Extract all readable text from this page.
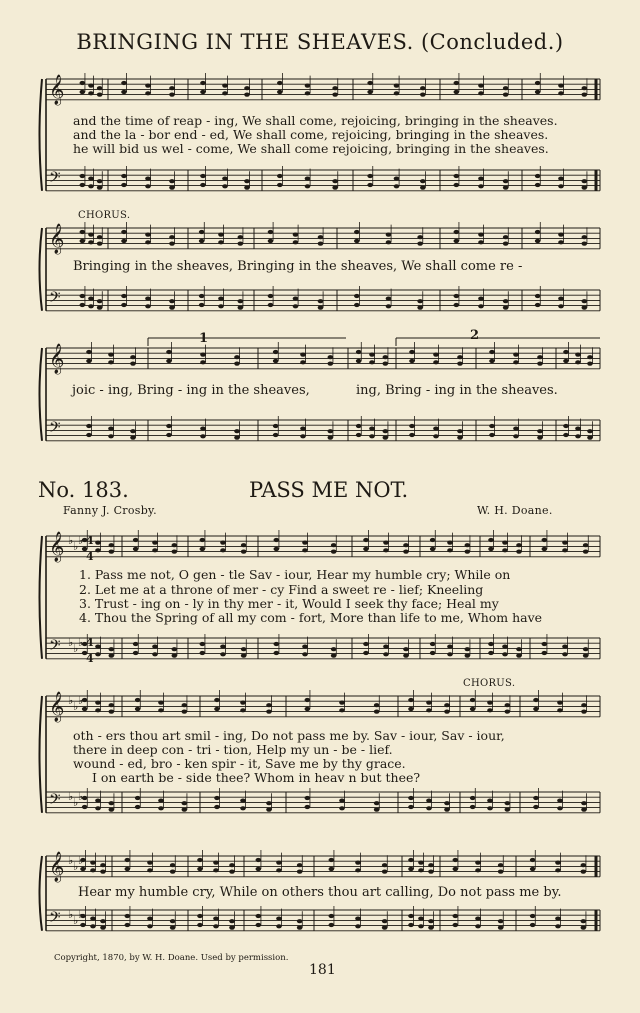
BRINGING IN THE SHEAVES. (Concluded.)
𝄞
𝄢
𝄞
𝄢
𝄞
𝄢
𝄞
𝄢
𝄞
𝄢
𝄞
𝄢
4
4
4
4
♭ ♭ ♭
♭ ♭ ♭
♭ ♭ ♭
♭ ♭ ♭
♭ ♭ ♭
♭ ♭ ♭
and the time of reap - ing, We shall come, rejoicing, bringing in the sheaves.
and the la - bor end - ed, We shall come, rejoicing, bringing in the sheaves.
he will bid us wel - come, We shall come rejoicing, bringing in the sheaves.
CHORUS.
Bringing in the sheaves, Bringing in the sheaves, We shall come re -
1	2
joic - ing, Bring - ing in the sheaves,	ing, Bring - ing in the sheaves.
No. 183.	PASS ME NOT.
Fanny J. Crosby.	W. H. Doane.
1. Pass me not, O gen - tle Sav - iour, Hear my humble cry; While on
2. Let me at a throne of mer - cy Find a sweet re - lief; Kneeling
3. Trust - ing on - ly in thy mer - it, Would I seek thy face; Heal my
4. Thou the Spring of all my com - fort, More than life to me, Whom have
CHORUS.
oth - ers thou art smil - ing, Do not pass me by. Sav - iour, Sav - iour,
there in deep con - tri - tion, Help my un - be - lief.
wound - ed, bro - ken spir - it, Save me by thy grace.
I on earth be - side thee? Whom in heav n but thee?
Hear my humble cry, While on others thou art calling, Do not pass me by.
Copyright, 1870, by W. H. Doane. Used by permission.
181
